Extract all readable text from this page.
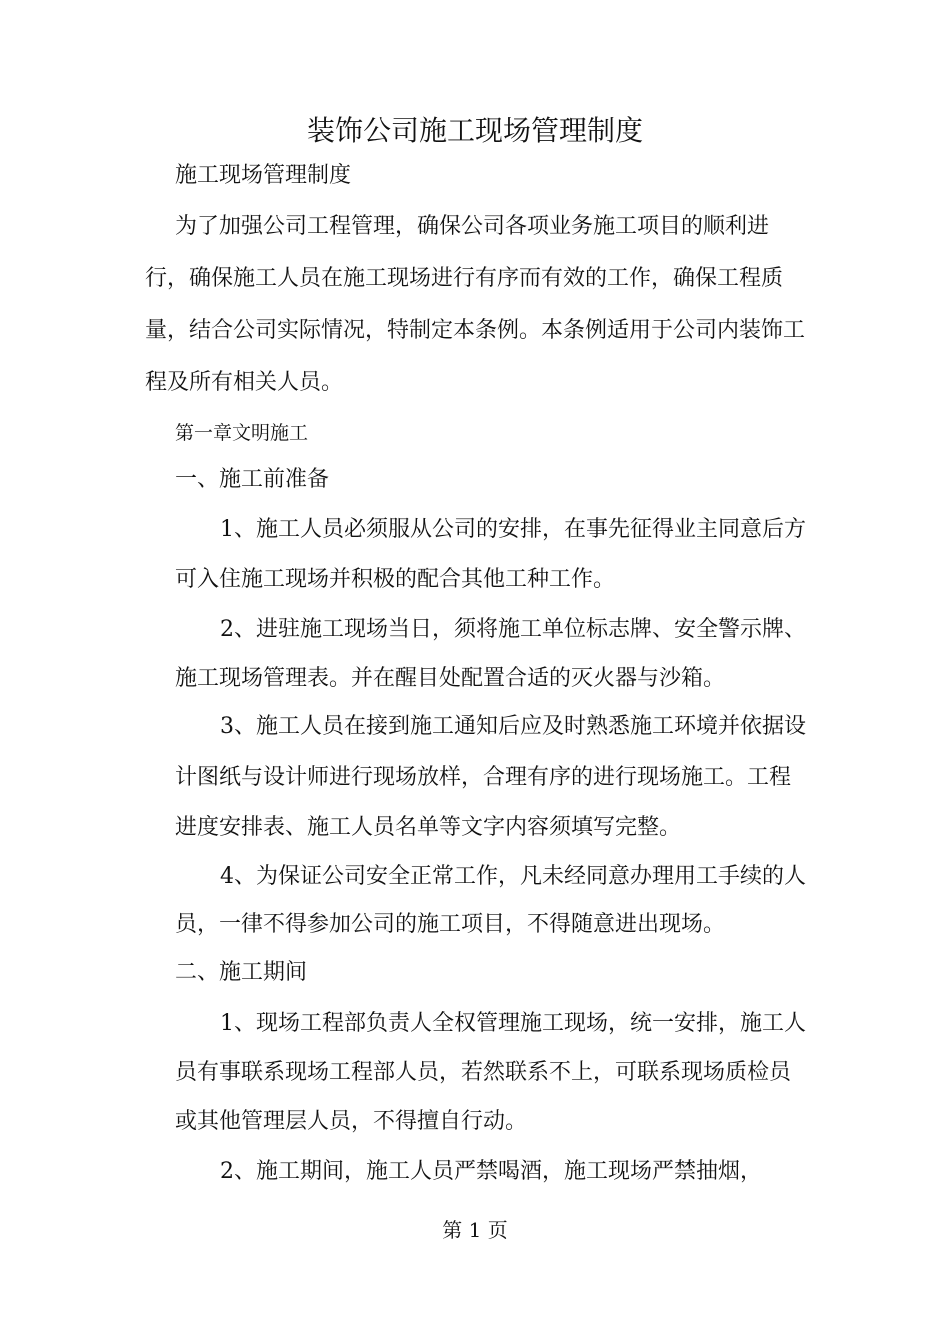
装饰公司施工现场管理制度
施工现场管理制度
为了加强公司工程管理，确保公司各项业务施工项目的顺利进
行，确保施工人员在施工现场进行有序而有效的工作，确保工程质
量，结合公司实际情况，特制定本条例。本条例适用于公司内装饰工
程及所有相关人员。
第一章文明施工
一、施工前准备
1、施工人员必须服从公司的安排，在事先征得业主同意后方
可入住施工现场并积极的配合其他工种工作。
2、进驻施工现场当日，须将施工单位标志牌、安全警示牌、
施工现场管理表。并在醒目处配置合适的灭火器与沙箱。
3、施工人员在接到施工通知后应及时熟悉施工环境并依据设
计图纸与设计师进行现场放样，合理有序的进行现场施工。工程
进度安排表、施工人员名单等文字内容须填写完整。
4、为保证公司安全正常工作，凡未经同意办理用工手续的人
员，一律不得参加公司的施工项目，不得随意进出现场。
二、施工期间
1、现场工程部负责人全权管理施工现场，统一安排，施工人
员有事联系现场工程部人员，若然联系不上，可联系现场质检员
或其他管理层人员，不得擅自行动。
2、施工期间，施工人员严禁喝酒，施工现场严禁抽烟，
第 1 页
